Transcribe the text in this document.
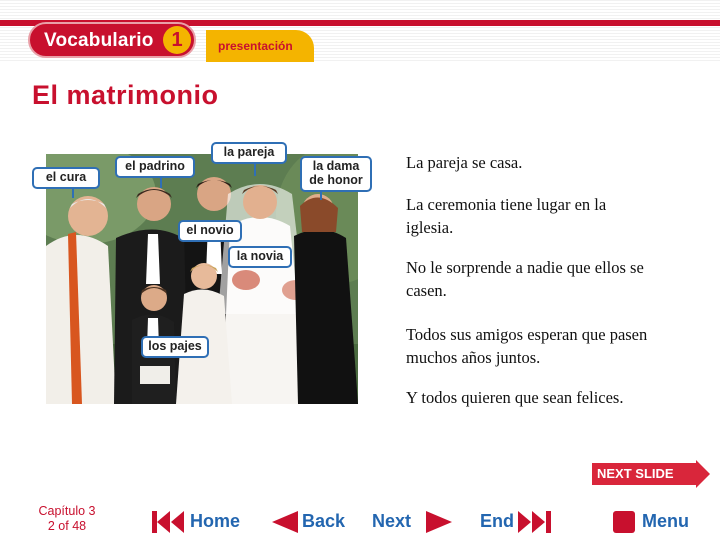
Vocabulario 1	presentación
El matrimonio
la pareja
el padrino	la dama de honor
el cura
el novio
la novia
los pajes
La pareja se casa.
La ceremonia tiene lugar en la iglesia.
No le sorprende a nadie que ellos se casen.
Todos sus amigos esperan que pasen muchos años juntos.
Y todos quieren que sean felices.
Capítulo 3
2 of 48
NEXT SLIDE
Home	Back Next	End	Menu
